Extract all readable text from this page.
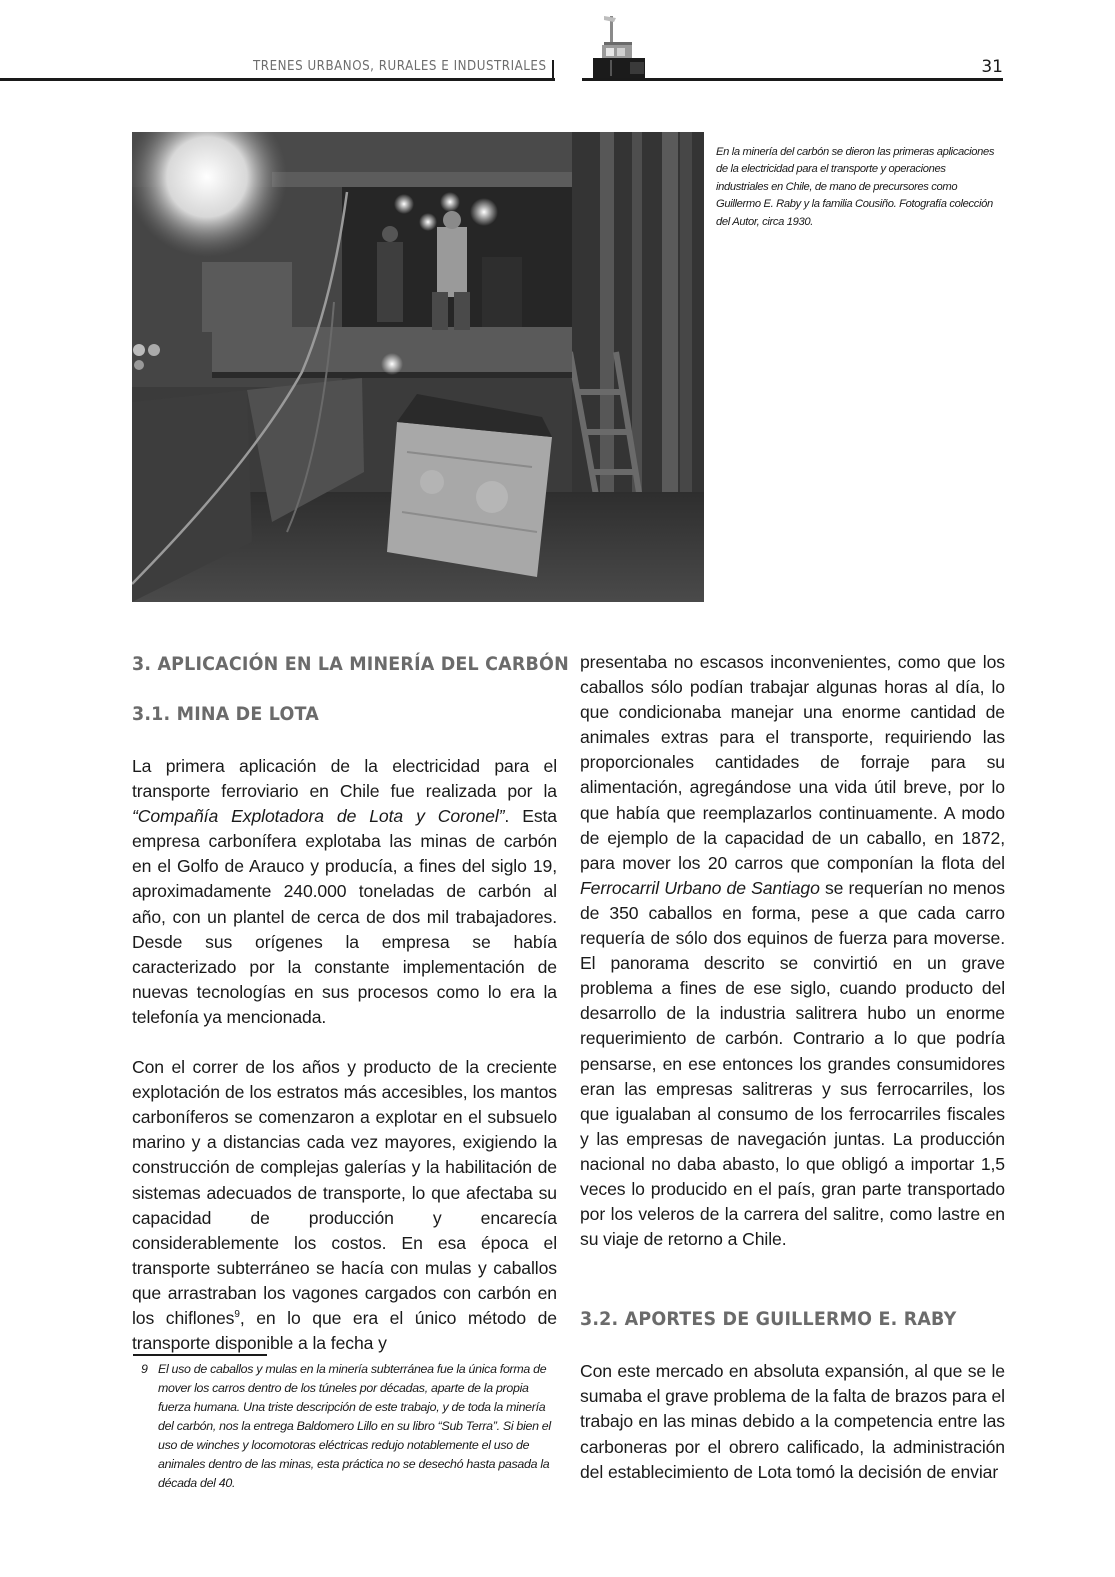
TRENES URBANOS, RURALES E INDUSTRIALES	31
En la minería del carbón se dieron las primeras aplicaciones de la electricidad para el transporte y operaciones industriales en Chile, de mano de precursores como Guillermo E. Raby y la familia Cousiño. Fotografía colección del Autor, circa 1930.
3. APLICACIÓN EN LA MINERÍA DEL CARBÓN
3.1. MINA DE LOTA

La primera aplicación de la electricidad para el transporte ferroviario en Chile fue realizada por la “Compañía Explotadora de Lota y Coronel”. Esta empresa carbonífera explotaba las minas de carbón en el Golfo de Arauco y producía, a fines del siglo 19, aproximadamente 240.000 toneladas de carbón al año, con un plantel de cerca de dos mil trabajadores. Desde sus orígenes la empresa se había caracterizado por la constante implementación de nuevas tecnologías en sus procesos como lo era la telefonía ya mencionada.

Con el correr de los años y producto de la creciente explotación de los estratos más accesibles, los mantos carboníferos se comenzaron a explotar en el subsuelo marino y a distancias cada vez mayores, exigiendo la construcción de complejas galerías y la habilitación de sistemas adecuados de transporte, lo que afectaba su capacidad de producción y encarecía considerablemente los costos. En esa época el transporte subterráneo se hacía con mulas y caballos que arrastraban los vagones cargados con carbón en los chiflones$^9$, en lo que era el único método de transporte disponible a la fecha y

9 El uso de caballos y mulas en la minería subterránea fue la única forma de mover los carros dentro de los túneles por décadas, aparte de la propia fuerza humana. Una triste descripción de este trabajo, y de toda la minería del carbón, nos la entrega Baldomero Lillo en su libro “Sub Terra”. Si bien el uso de winches y locomotoras eléctricas redujo notablemente el uso de animales dentro de las minas, esta práctica no se desechó hasta pasada la década del 40.

presentaba no escasos inconvenientes, como que los caballos sólo podían trabajar algunas horas al día, lo que condicionaba manejar una enorme cantidad de animales extras para el transporte, requiriendo las proporcionales cantidades de forraje para su alimentación, agregándose una vida útil breve, por lo que había que reemplazarlos continuamente. A modo de ejemplo de la capacidad de un caballo, en 1872, para mover los 20 carros que componían la flota del Ferrocarril Urbano de Santiago se requerían no menos de 350 caballos en forma, pese a que cada carro requería de sólo dos equinos de fuerza para moverse. El panorama descrito se convirtió en un grave problema a fines de ese siglo, cuando producto del desarrollo de la industria salitrera hubo un enorme requerimiento de carbón. Contrario a lo que podría pensarse, en ese entonces los grandes consumidores eran las empresas salitreras y sus ferrocarriles, los que igualaban al consumo de los ferrocarriles fiscales y las empresas de navegación juntas. La producción nacional no daba abasto, lo que obligó a importar 1,5 veces lo producido en el país, gran parte transportado por los veleros de la carrera del salitre, como lastre en su viaje de retorno a Chile.

3.2. APORTES DE GUILLERMO E. RABY

Con este mercado en absoluta expansión, al que se le sumaba el grave problema de la falta de brazos para el trabajo en las minas debido a la competencia entre las carboneras por el obrero calificado, la administración del establecimiento de Lota tomó la decisión de enviar
